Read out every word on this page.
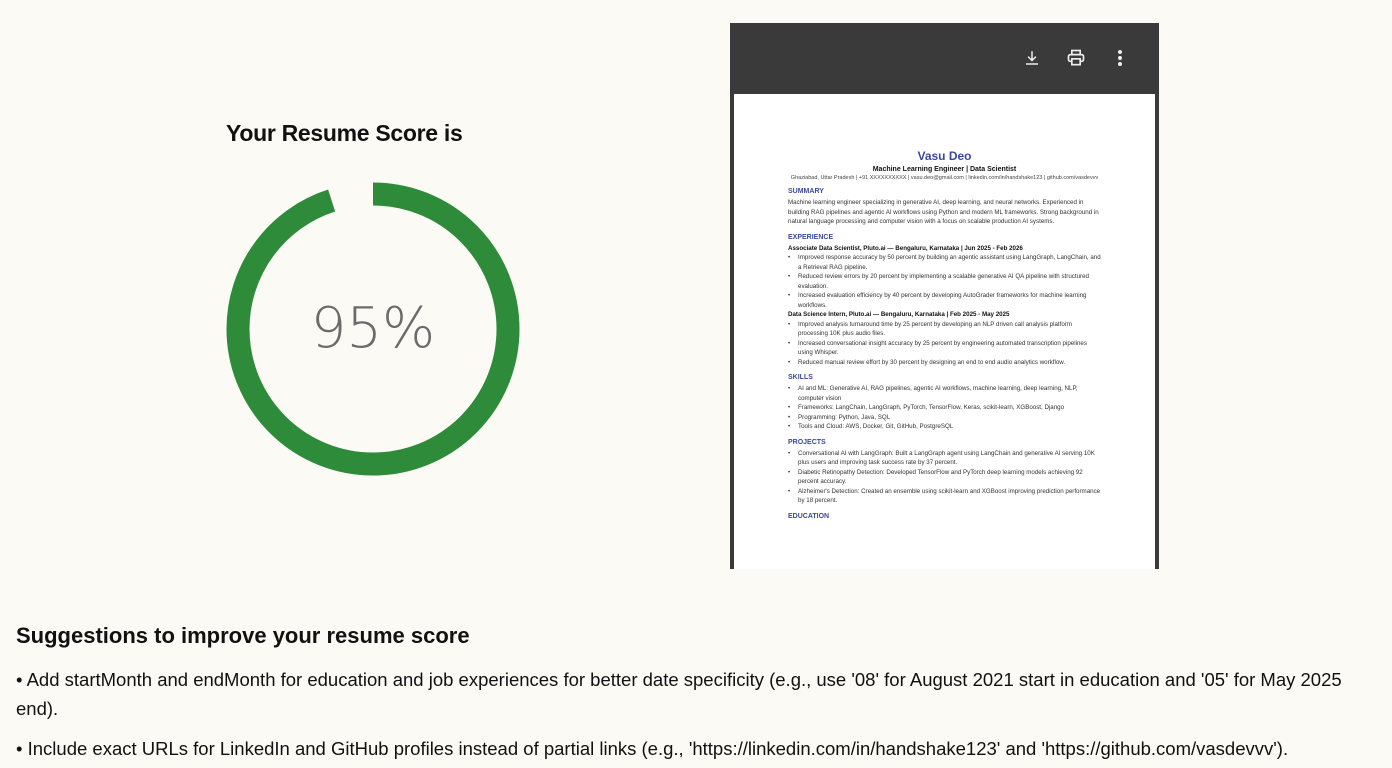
Your Resume Score is
95%
Vasu Deo
Machine Learning Engineer | Data Scientist
Ghaziabad, Uttar Pradesh | +91 XXXXXXXXXX | vasu.deo@gmail.com | linkedin.com/in/handshake123 | github.com/vasdevvv
SUMMARY
Machine learning engineer specializing in generative AI, deep learning, and neural networks. Experienced in building RAG pipelines and agentic AI workflows using Python and modern ML frameworks. Strong background in natural language processing and computer vision with a focus on scalable production AI systems.
EXPERIENCE
Associate Data Scientist, Pluto.ai — Bengaluru, Karnataka | Jun 2025 - Feb 2026
• Improved response accuracy by 50 percent by building an agentic assistant using LangGraph, LangChain, and a Retrieval RAG pipeline.
• Reduced review errors by 20 percent by implementing a scalable generative AI QA pipeline with structured evaluation.
• Increased evaluation efficiency by 40 percent by developing AutoGrader frameworks for machine learning workflows.
Data Science Intern, Pluto.ai — Bengaluru, Karnataka | Feb 2025 - May 2025
• Improved analysis turnaround time by 25 percent by developing an NLP driven call analysis platform processing 10K plus audio files.
• Increased conversational insight accuracy by 25 percent by engineering automated transcription pipelines using Whisper.
• Reduced manual review effort by 30 percent by designing an end to end audio analytics workflow.
SKILLS
• AI and ML: Generative AI, RAG pipelines, agentic AI workflows, machine learning, deep learning, NLP, computer vision
• Frameworks: LangChain, LangGraph, PyTorch, TensorFlow, Keras, scikit-learn, XGBoost, Django
• Programming: Python, Java, SQL
• Tools and Cloud: AWS, Docker, Git, GitHub, PostgreSQL
PROJECTS
• Conversational AI with LangGraph: Built a LangGraph agent using LangChain and generative AI serving 10K plus users and improving task success rate by 37 percent.
• Diabetic Retinopathy Detection: Developed TensorFlow and PyTorch deep learning models achieving 92 percent accuracy.
• Alzheimer's Detection: Created an ensemble using scikit-learn and XGBoost improving prediction performance by 18 percent.
EDUCATION
Suggestions to improve your resume score
• Add startMonth and endMonth for education and job experiences for better date specificity (e.g., use '08' for August 2021 start in education and '05' for May 2025 end).
• Include exact URLs for LinkedIn and GitHub profiles instead of partial links (e.g., 'https://linkedin.com/in/handshake123' and 'https://github.com/vasdevvv').
